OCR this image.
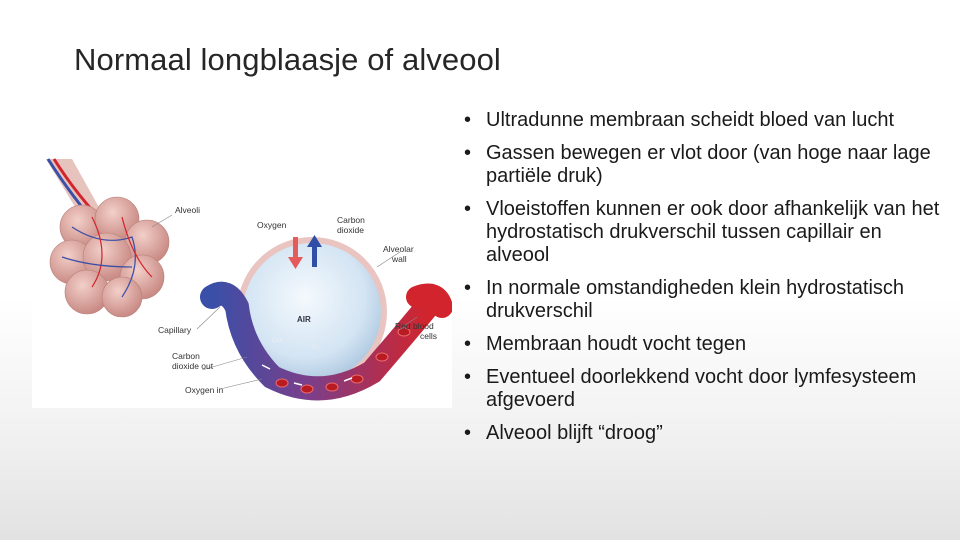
Normaal longblaasje of alveool
AIR
CO₂
O₂
Alveoli
Oxygen	Carbon
dioxide
Alveolar
wall
Capillary	Red blood
cells
Carbon
dioxide out
Oxygen in
• Ultradunne membraan scheidt bloed van lucht
• Gassen bewegen er vlot door (van hoge naar lage partiële druk)
• Vloeistoffen kunnen er ook door afhankelijk van het hydrostatisch drukverschil tussen capillair en alveool
• In normale omstandigheden klein hydrostatisch drukverschil
• Membraan houdt vocht tegen
• Eventueel doorlekkend vocht door lymfesysteem afgevoerd
• Alveool blijft “droog”
